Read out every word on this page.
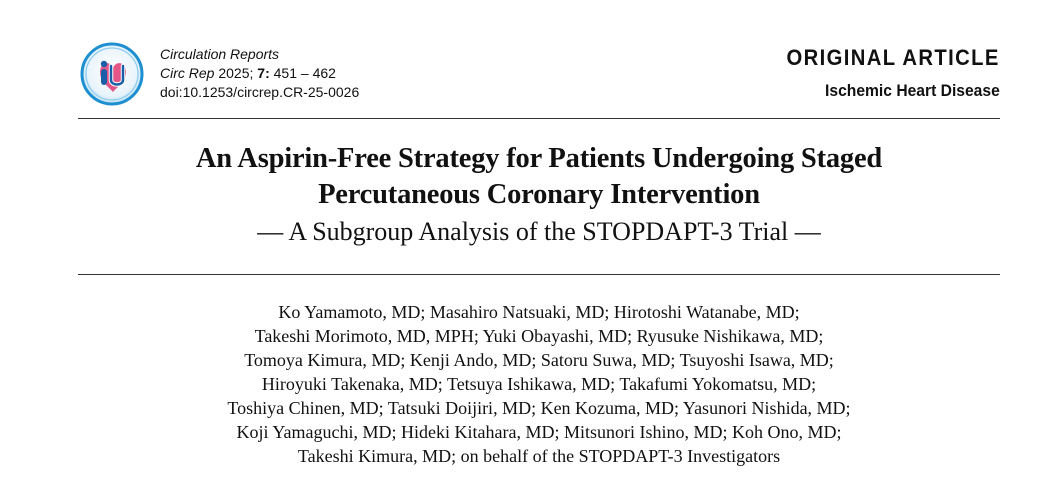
Circulation Reports
Circ Rep 2025; 7: 451 – 462
doi:10.1253/circrep.CR-25-0026
ORIGINAL ARTICLE
Ischemic Heart Disease
An Aspirin-Free Strategy for Patients Undergoing Staged
Percutaneous Coronary Intervention
— A Subgroup Analysis of the STOPDAPT-3 Trial —

Ko Yamamoto, MD; Masahiro Natsuaki, MD; Hirotoshi Watanabe, MD;
Takeshi Morimoto, MD, MPH; Yuki Obayashi, MD; Ryusuke Nishikawa, MD;
Tomoya Kimura, MD; Kenji Ando, MD; Satoru Suwa, MD; Tsuyoshi Isawa, MD;
Hiroyuki Takenaka, MD; Tetsuya Ishikawa, MD; Takafumi Yokomatsu, MD;
Toshiya Chinen, MD; Tatsuki Doijiri, MD; Ken Kozuma, MD; Yasunori Nishida, MD;
Koji Yamaguchi, MD; Hideki Kitahara, MD; Mitsunori Ishino, MD; Koh Ono, MD;
Takeshi Kimura, MD; on behalf of the STOPDAPT-3 Investigators
